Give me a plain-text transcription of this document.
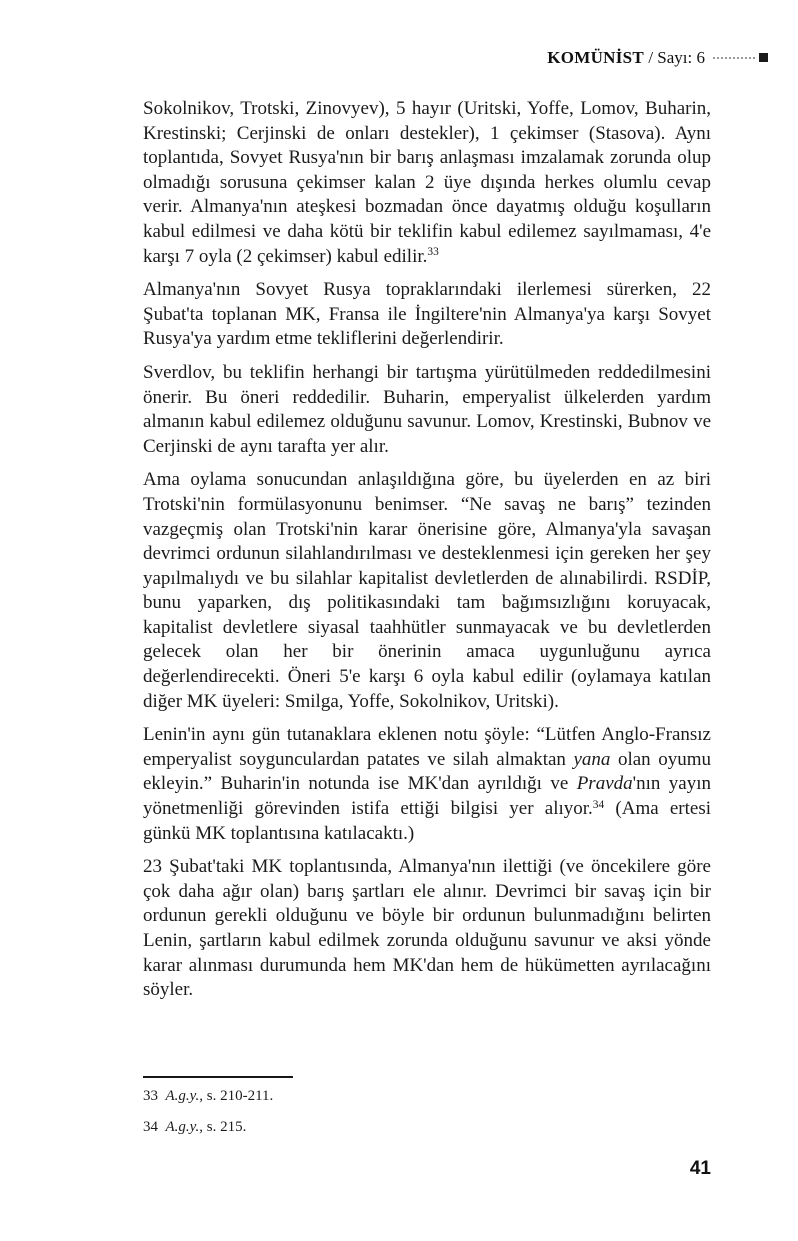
KOMÜNİST / Sayı: 6

Sokolnikov, Trotski, Zinovyev), 5 hayır (Uritski, Yoffe, Lomov, Buharin, Krestinski; Cerjinski de onları destekler), 1 çekimser (Stasova). Aynı toplantıda, Sovyet Rusya'nın bir barış anlaşması imzalamak zorunda olup olmadığı sorusuna çekimser kalan 2 üye dışında herkes olumlu cevap verir. Almanya'nın ateşkesi bozmadan önce dayatmış olduğu koşulların kabul edilmesi ve daha kötü bir teklifin kabul edilemez sayılmaması, 4'e karşı 7 oyla (2 çekimser) kabul edilir.$^{33}$

Almanya'nın Sovyet Rusya topraklarındaki ilerlemesi sürerken, 22 Şubat'ta toplanan MK, Fransa ile İngiltere'nin Almanya'ya karşı Sovyet Rusya'ya yardım etme tekliflerini değerlendirir.

Sverdlov, bu teklifin herhangi bir tartışma yürütülmeden reddedilmesini önerir. Bu öneri reddedilir. Buharin, emperyalist ülkelerden yardım almanın kabul edilemez olduğunu savunur. Lomov, Krestinski, Bubnov ve Cerjinski de aynı tarafta yer alır.

Ama oylama sonucundan anlaşıldığına göre, bu üyelerden en az biri Trotski'nin formülasyonunu benimser. “Ne savaş ne barış” tezinden vazgeçmiş olan Trotski'nin karar önerisine göre, Almanya'yla savaşan devrimci ordunun silahlandırılması ve desteklenmesi için gereken her şey yapılmalıydı ve bu silahlar kapitalist devletlerden de alınabilirdi. RSDİP, bunu yaparken, dış politikasındaki tam bağımsızlığını koruyacak, kapitalist devletlere siyasal taahhütler sunmayacak ve bu devletlerden gelecek olan her bir önerinin amaca uygunluğunu ayrıca değerlendirecekti. Öneri 5'e karşı 6 oyla kabul edilir (oylamaya katılan diğer MK üyeleri: Smilga, Yoffe, Sokolnikov, Uritski).

Lenin'in aynı gün tutanaklara eklenen notu şöyle: “Lütfen Anglo-Fransız emperyalist soygunculardan patates ve silah almaktan yana olan oyumu ekleyin.” Buharin'in notunda ise MK'dan ayrıldığı ve Pravda'nın yayın yönetmenliği görevinden istifa ettiği bilgisi yer alıyor.$^{34}$ (Ama ertesi günkü MK toplantısına katılacaktı.)

23 Şubat'taki MK toplantısında, Almanya'nın ilettiği (ve öncekilere göre çok daha ağır olan) barış şartları ele alınır. Devrimci bir savaş için bir ordunun gerekli olduğunu ve böyle bir ordunun bulunmadığını belirten Lenin, şartların kabul edilmek zorunda olduğunu savunur ve aksi yönde karar alınması durumunda hem MK'dan hem de hükümetten ayrılacağını söyler.

33  A.g.y., s. 210-211.

34  A.g.y., s. 215.

41
